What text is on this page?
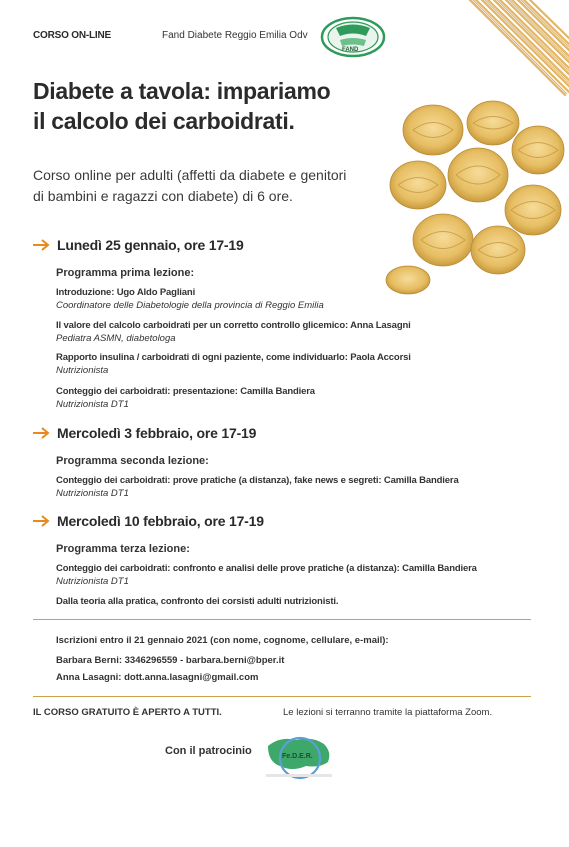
CORSO ON-LINE	Fand Diabete Reggio Emilia Odv
FAND
Diabete a tavola: impariamo
il calcolo dei carboidrati.
Corso online per adulti (affetti da diabete e genitori
di bambini e ragazzi con diabete) di 6 ore.
Lunedì 25 gennaio, ore 17-19
Programma prima lezione:
Introduzione: Ugo Aldo Pagliani
Coordinatore delle Diabetologie della provincia di Reggio Emilia
Il valore del calcolo carboidrati per un corretto controllo glicemico: Anna Lasagni
Pediatra ASMN, diabetologa
Rapporto insulina / carboidrati di ogni paziente, come individuarlo: Paola Accorsi
Nutrizionista
Conteggio dei carboidrati: presentazione: Camilla Bandiera
Nutrizionista DT1
Mercoledì 3 febbraio, ore 17-19
Programma seconda lezione:
Conteggio dei carboidrati: prove pratiche (a distanza), fake news e segreti: Camilla Bandiera
Nutrizionista DT1
Mercoledì 10 febbraio, ore 17-19
Programma terza lezione:
Conteggio dei carboidrati: confronto e analisi delle prove pratiche (a distanza): Camilla Bandiera
Nutrizionista DT1
Dalla teoria alla pratica, confronto dei corsisti adulti nutrizionisti.
Iscrizioni entro il 21 gennaio 2021 (con nome, cognome, cellulare, e-mail):
Barbara Berni: 3346296559 - barbara.berni@bper.it
Anna Lasagni: dott.anna.lasagni@gmail.com
IL CORSO GRATUITO È APERTO A TUTTI.	Le lezioni si terranno tramite la piattaforma Zoom.
Con il patrocinio	Fe.D.E.R.
